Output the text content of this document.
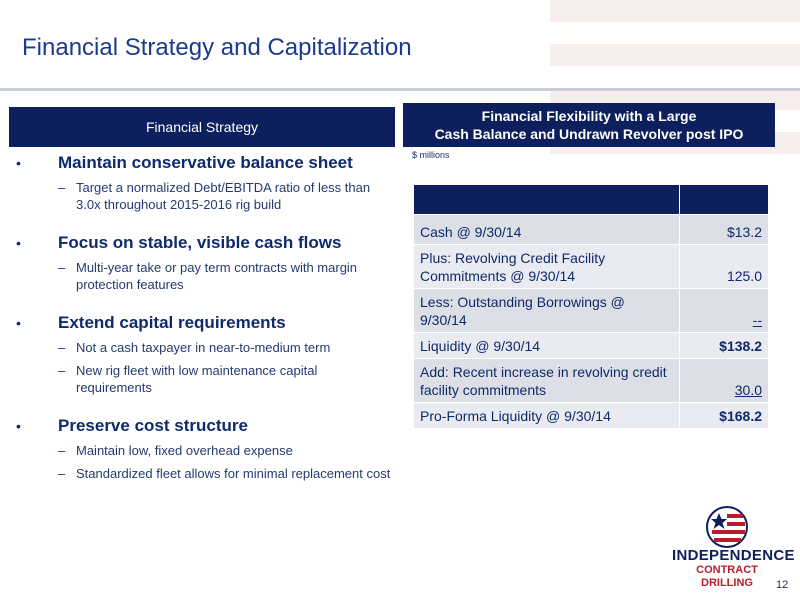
Financial Strategy and Capitalization
Financial Strategy
Financial Flexibility with a Large
Cash Balance and Undrawn Revolver post IPO
$ millions
•	Maintain conservative balance sheet
– Target a normalized Debt/EBITDA ratio of less than 3.0x throughout 2015-2016 rig build
•	Focus on stable, visible cash flows
– Multi-year take or pay term contracts with margin protection features
•	Extend capital requirements
– Not a cash taxpayer in near-to-medium term
– New rig fleet with low maintenance capital requirements
•	Preserve cost structure
– Maintain low, fixed overhead expense
– Standardized fleet allows for minimal replacement cost

Cash @ 9/30/14	$13.2
Plus: Revolving Credit Facility Commitments @ 9/30/14	125.0
Less: Outstanding Borrowings @ 9/30/14	--
Liquidity @ 9/30/14	$138.2
Add: Recent increase in revolving credit facility commitments	30.0
Pro-Forma Liquidity @ 9/30/14	$168.2
INDEPENDENCE
CONTRACT DRILLING	12
